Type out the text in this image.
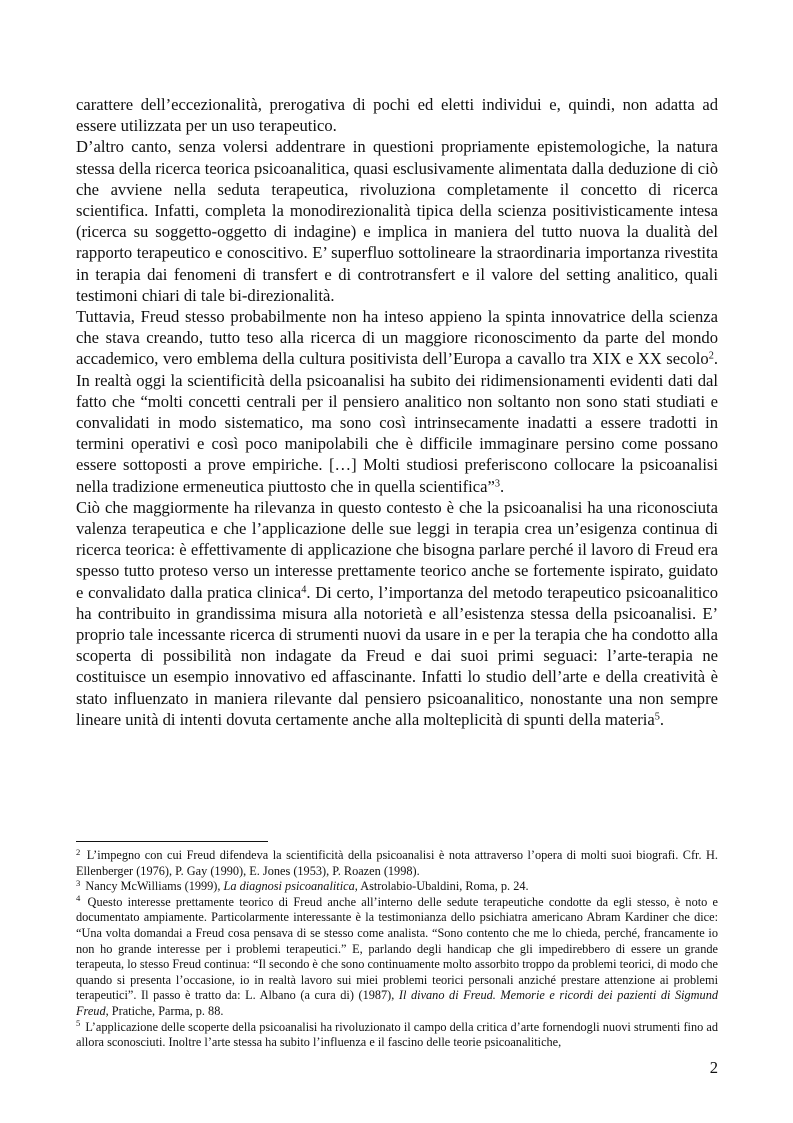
carattere dell’eccezionalità, prerogativa di pochi ed eletti individui e, quindi, non adatta ad essere utilizzata per un uso terapeutico.

D’altro canto, senza volersi addentrare in questioni propriamente epistemologiche, la natura stessa della ricerca teorica psicoanalitica, quasi esclusivamente alimentata dalla deduzione di ciò che avviene nella seduta terapeutica, rivoluziona completamente il concetto di ricerca scientifica. Infatti, completa la monodirezionalità tipica della scienza positivisticamente intesa (ricerca su soggetto-oggetto di indagine) e implica in maniera del tutto nuova la dualità del rapporto terapeutico e conoscitivo. E’ superfluo sottolineare la straordinaria importanza rivestita in terapia dai fenomeni di transfert e di controtransfert e il valore del setting analitico, quali testimoni chiari di tale bi-direzionalità.

Tuttavia, Freud stesso probabilmente non ha inteso appieno la spinta innovatrice della scienza che stava creando, tutto teso alla ricerca di un maggiore riconoscimento da parte del mondo accademico, vero emblema della cultura positivista dell’Europa a cavallo tra XIX e XX secolo$^2$. In realtà oggi la scientificità della psicoanalisi ha subito dei ridimensionamenti evidenti dati dal fatto che “molti concetti centrali per il pensiero analitico non soltanto non sono stati studiati e convalidati in modo sistematico, ma sono così intrinsecamente inadatti a essere tradotti in termini operativi e così poco manipolabili che è difficile immaginare persino come possano essere sottoposti a prove empiriche. […] Molti studiosi preferiscono collocare la psicoanalisi nella tradizione ermeneutica piuttosto che in quella scientifica”$^3$.

Ciò che maggiormente ha rilevanza in questo contesto è che la psicoanalisi ha una riconosciuta valenza terapeutica e che l’applicazione delle sue leggi in terapia crea un’esigenza continua di ricerca teorica: è effettivamente di applicazione che bisogna parlare perché il lavoro di Freud era spesso tutto proteso verso un interesse prettamente teorico anche se fortemente ispirato, guidato e convalidato dalla pratica clinica$^4$. Di certo, l’importanza del metodo terapeutico psicoanalitico ha contribuito in grandissima misura alla notorietà e all’esistenza stessa della psicoanalisi. E’ proprio tale incessante ricerca di strumenti nuovi da usare in e per la terapia che ha condotto alla scoperta di possibilità non indagate da Freud e dai suoi primi seguaci: l’arte-terapia ne costituisce un esempio innovativo ed affascinante. Infatti lo studio dell’arte e della creatività è stato influenzato in maniera rilevante dal pensiero psicoanalitico, nonostante una non sempre lineare unità di intenti dovuta certamente anche alla molteplicità di spunti della materia$^5$.

$^2$ L’impegno con cui Freud difendeva la scientificità della psicoanalisi è nota attraverso l’opera di molti suoi biografi. Cfr. H. Ellenberger (1976), P. Gay (1990), E. Jones (1953), P. Roazen (1998).

$^3$ Nancy McWilliams (1999), La diagnosi psicoanalitica, Astrolabio-Ubaldini, Roma, p. 24.

$^4$ Questo interesse prettamente teorico di Freud anche all’interno delle sedute terapeutiche condotte da egli stesso, è noto e documentato ampiamente. Particolarmente interessante è la testimonianza dello psichiatra americano Abram Kardiner che dice: “Una volta domandai a Freud cosa pensava di se stesso come analista. “Sono contento che me lo chieda, perché, francamente io non ho grande interesse per i problemi terapeutici.” E, parlando degli handicap che gli impedirebbero di essere un grande terapeuta, lo stesso Freud continua: “Il secondo è che sono continuamente molto assorbito troppo da problemi teorici, di modo che quando si presenta l’occasione, io in realtà lavoro sui miei problemi teorici personali anziché prestare attenzione ai problemi terapeutici”. Il passo è tratto da: L. Albano (a cura di) (1987), Il divano di Freud. Memorie e ricordi dei pazienti di Sigmund Freud, Pratiche, Parma, p. 88.

$^5$ L’applicazione delle scoperte della psicoanalisi ha rivoluzionato il campo della critica d’arte fornendogli nuovi strumenti fino ad allora sconosciuti. Inoltre l’arte stessa ha subito l’influenza e il fascino delle teorie psicoanalitiche,

2
